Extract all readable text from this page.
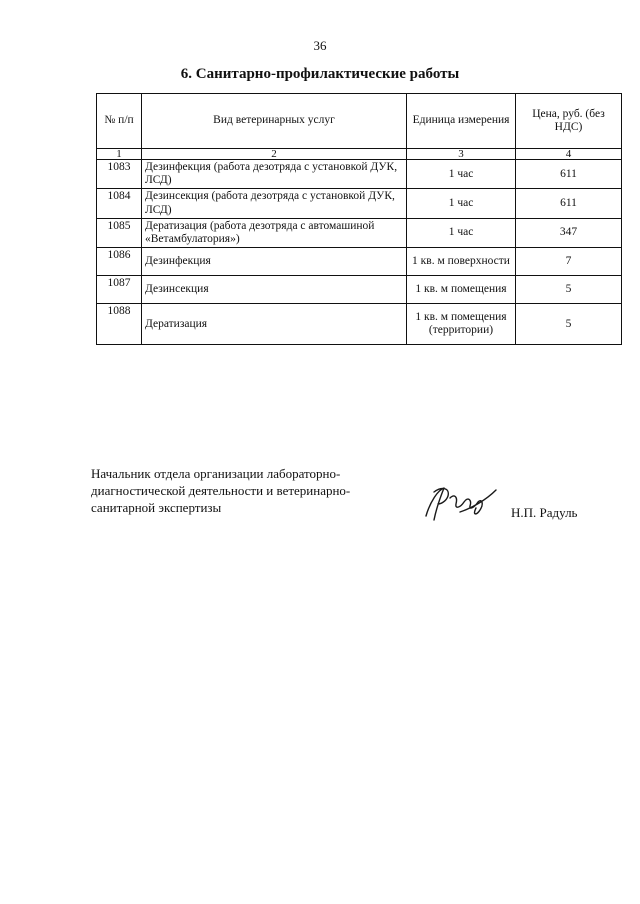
36
6. Санитарно-профилактические работы
№ п/п	Вид ветеринарных услуг	Единица измерения	Цена, руб. (без НДС)
1	2	3	4
1083	Дезинфекция (работа дезотряда с установкой ДУК, ЛСД)	1 час	611
1084	Дезинсекция (работа дезотряда с установкой ДУК, ЛСД)	1 час	611
1085	Дератизация (работа дезотряда с автомашиной «Ветамбулатория»)	1 час	347
1086	Дезинфекция	1 кв. м поверхности	7
1087	Дезинсекция	1 кв. м помещения	5
1088	Дератизация	1 кв. м помещения (территории)	5
Начальник отдела организации лабораторно-диагностической деятельности и ветеринарно-санитарной экспертизы	Н.П. Радуль
